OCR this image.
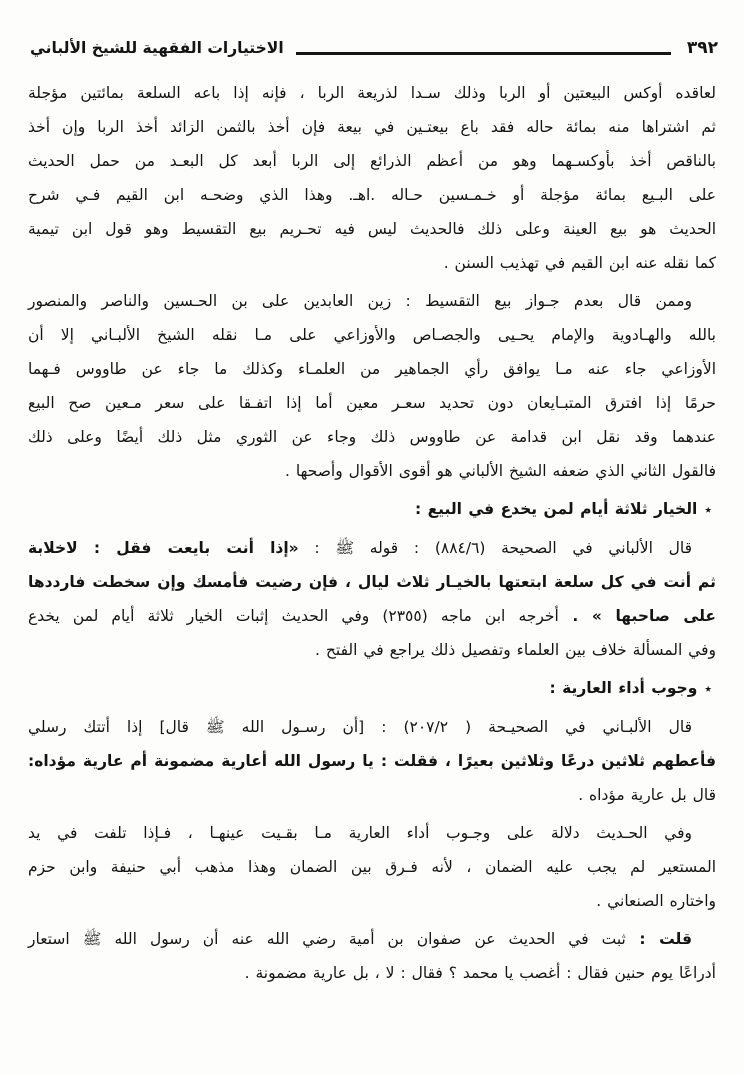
٣٩٢
الاختيارات الفقهية للشيخ الألباني
لعاقده أوكس البيعتين أو الربا وذلك سـدا لذريعة الربا ، فإنه إذا باعه السلعة بمائتين مؤجلة
ثم اشتراها منه بمائة حاله فقد باع بيعتـين في بيعة فإن أخذ بالثمن الزائد أخذ الربا وإن أخذ
بالناقص أخذ بأوكسـهما وهو من أعظم الذرائع إلى الربا أبعد كل البعـد من حمل الحديث
على البـيع بمائة مؤجلة أو خـمـسين حـاله .اهـ. وهذا الذي وضحـه ابن القيم فـي شرح
الحديث هو بيع العينة وعلى ذلك فالحديث ليس فيه تحـريم بيع التقسيط وهو قول ابن تيمية
كما نقله عنه ابن القيم في تهذيب السنن .
وممن قال بعدم جـواز بيع التقسيط : زين العابدين على بن الحـسين والناصر والمنصور
بالله والهـادوية والإمام يحـيى والجصـاص والأوزاعي على مـا نقله الشيخ الألبـاني إلا أن
الأوزاعي جاء عنه مـا يوافق رأي الجماهير من العلمـاء وكذلك ما جاء عن طاووس فـهما
حرمًا إذا افترق المتبـايعان دون تحديد سعـر معين أما إذا اتفـقا على سعر مـعين صح البيع
عندهما وقد نقل ابن قدامة عن طاووس ذلك وجاء عن الثوري مثل ذلك أيضًا وعلى ذلك
فالقول الثاني الذي ضعفه الشيخ الألباني هو أقوى الأقوال وأصحها .
٭الخيار ثلاثة أيام لمن يخدع في البيع :
قال الألباني في الصحيحة (٨٨٤/٦) : قوله ﷺ : «إذا أنت بايعت فقل : لاخلابة
ثم أنت في كل سلعة ابتعتها بالخيـار ثلاث ليال ، فإن رضيت فأمسك وإن سخطت فارددها
على صاحبها » . أخرجه ابن ماجه (٢٣٥٥) وفي الحديث إثبات الخيار ثلاثة أيام لمن يخدع
وفي المسألة خلاف بين العلماء وتفصيل ذلك يراجع في الفتح .
٭وجوب أداء العارية :
قال الألبـاني في الصحيـحة ( ٢٠٧/٢) : [أن رسـول الله ﷺ قال] إذا أتتك رسلي
فأعطهم ثلاثين درعًا وثلاثين بعيرًا ، فقلت : يا رسول الله أعارية مضمونة أم عارية مؤداه:
قال بل عارية مؤداه .
وفي الحـديث دلالة على وجـوب أداء العارية مـا بقـيت عينهـا ، فـإذا تلفت في يد
المستعير لم يجب عليه الضمان ، لأنه فـرق بين الضمان وهذا مذهب أبي حنيفة وابن حزم
واختاره الصنعاني .
قلت : ثبت في الحديث عن صفوان بن أمية رضي الله عنه أن رسول الله ﷺ استعار
أدراعًا يوم حنين فقال : أغصب يا محمد ؟ فقال : لا ، بل عارية مضمونة .
